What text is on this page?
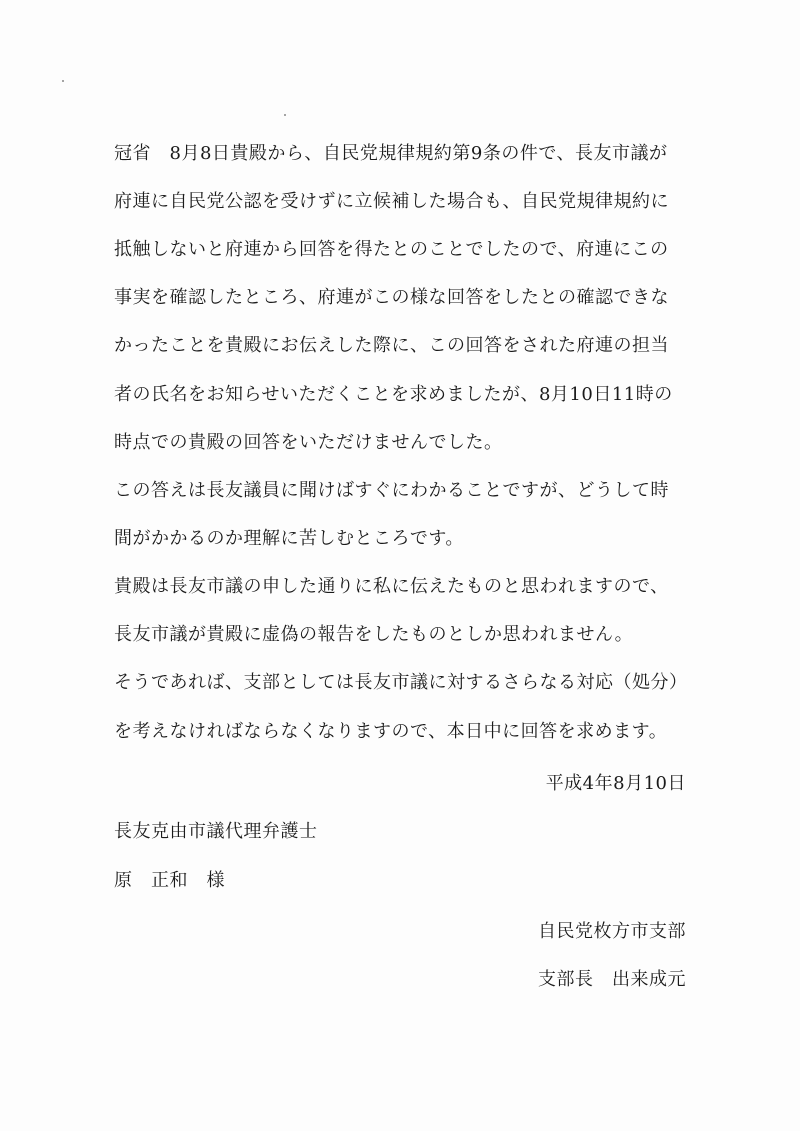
冠省　8月8日貴殿から、自民党規律規約第9条の件で、長友市議が
府連に自民党公認を受けずに立候補した場合も、自民党規律規約に
抵触しないと府連から回答を得たとのことでしたので、府連にこの
事実を確認したところ、府連がこの様な回答をしたとの確認できな
かったことを貴殿にお伝えした際に、この回答をされた府連の担当
者の氏名をお知らせいただくことを求めましたが、8月10日11時の
時点での貴殿の回答をいただけませんでした。
この答えは長友議員に聞けばすぐにわかることですが、どうして時
間がかかるのか理解に苦しむところです。
貴殿は長友市議の申した通りに私に伝えたものと思われますので、
長友市議が貴殿に虚偽の報告をしたものとしか思われません。
そうであれば、支部としては長友市議に対するさらなる対応（処分）
を考えなければならなくなりますので、本日中に回答を求めます。
平成4年8月10日
長友克由市議代理弁護士
原　正和　様
自民党枚方市支部
支部長　出来成元
